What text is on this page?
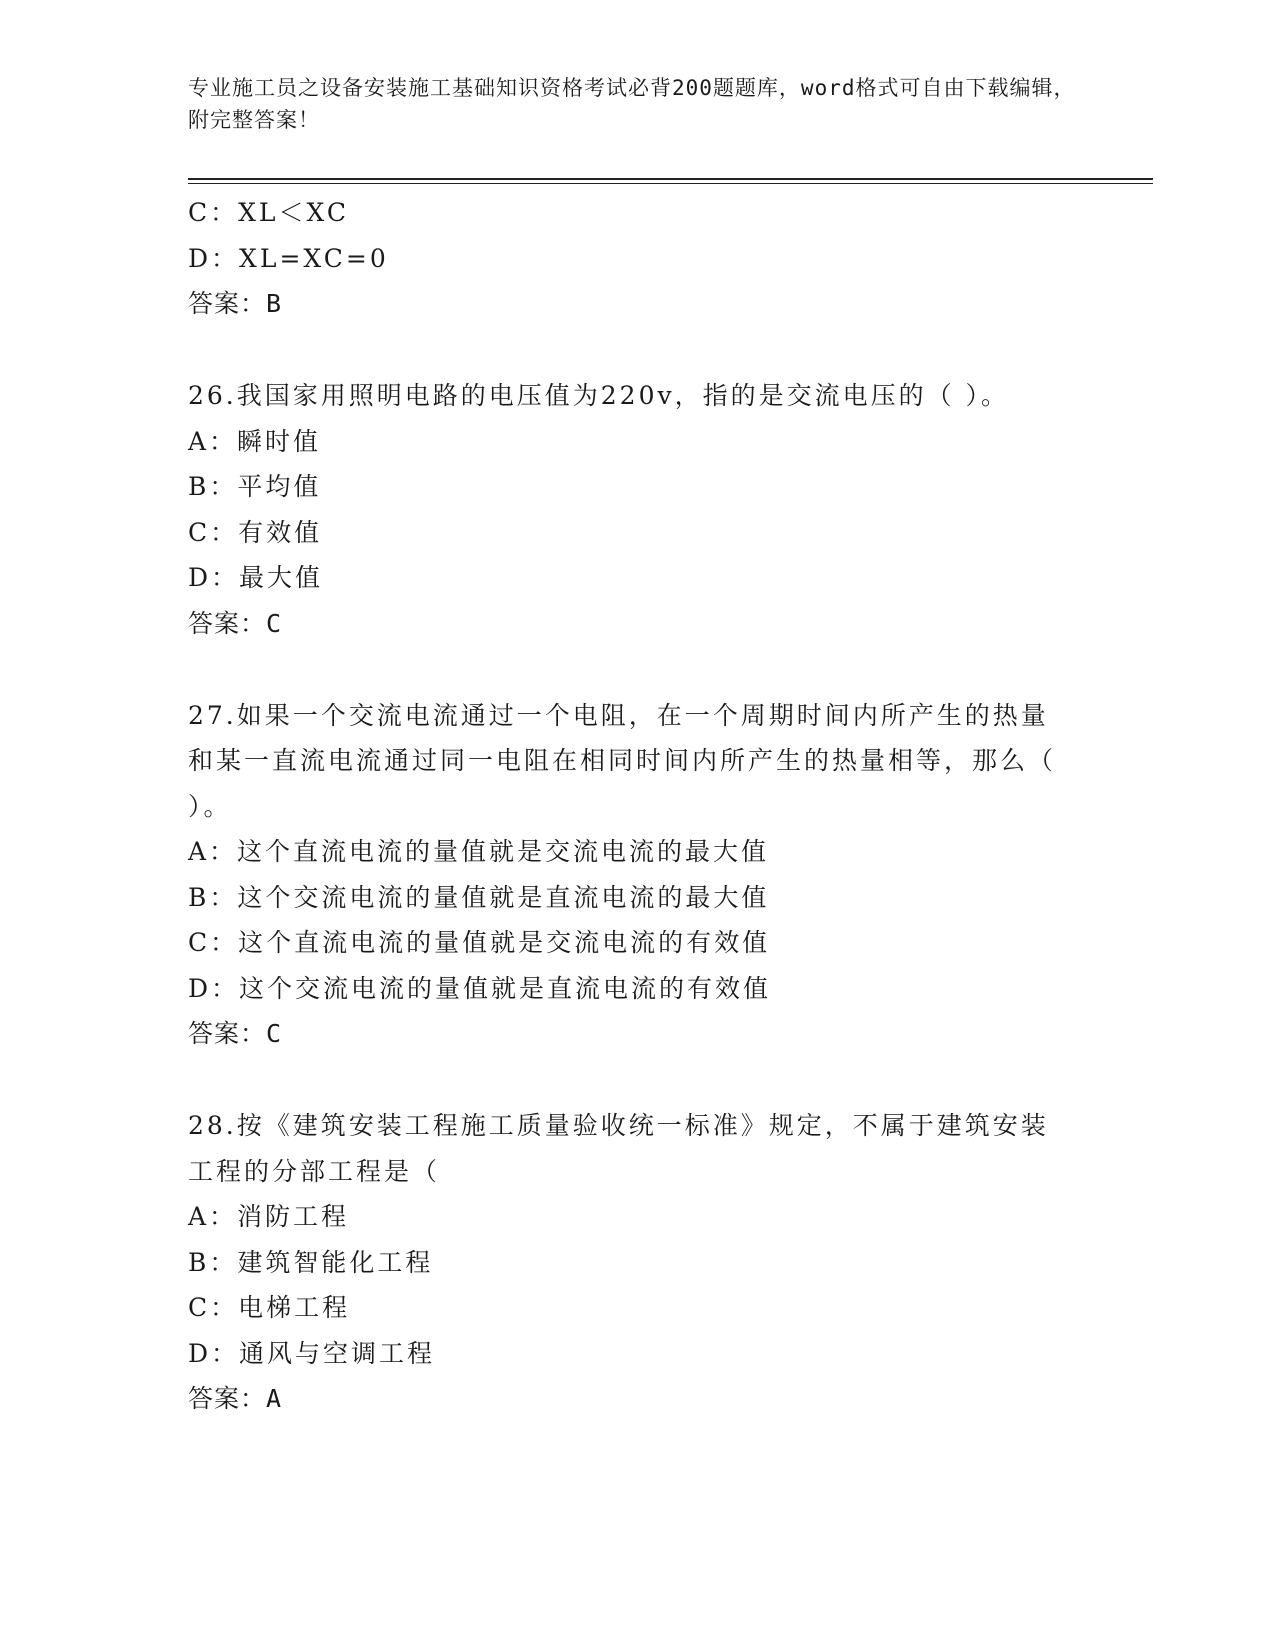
专业施工员之设备安装施工基础知识资格考试必背200题题库，word格式可自由下载编辑，附完整答案！
C：XL＜XC
D：XL=XC=0
答案：B
26.我国家用照明电路的电压值为220v，指的是交流电压的（ ）。
A：瞬时值
B：平均值
C：有效值
D：最大值
答案：C
27.如果一个交流电流通过一个电阻，在一个周期时间内所产生的热量和某一直流电流通过同一电阻在相同时间内所产生的热量相等，那么（ ）。
A：这个直流电流的量值就是交流电流的最大值
B：这个交流电流的量值就是直流电流的最大值
C：这个直流电流的量值就是交流电流的有效值
D：这个交流电流的量值就是直流电流的有效值
答案：C
28.按《建筑安装工程施工质量验收统一标准》规定，不属于建筑安装工程的分部工程是（
A：消防工程
B：建筑智能化工程
C：电梯工程
D：通风与空调工程
答案：A
